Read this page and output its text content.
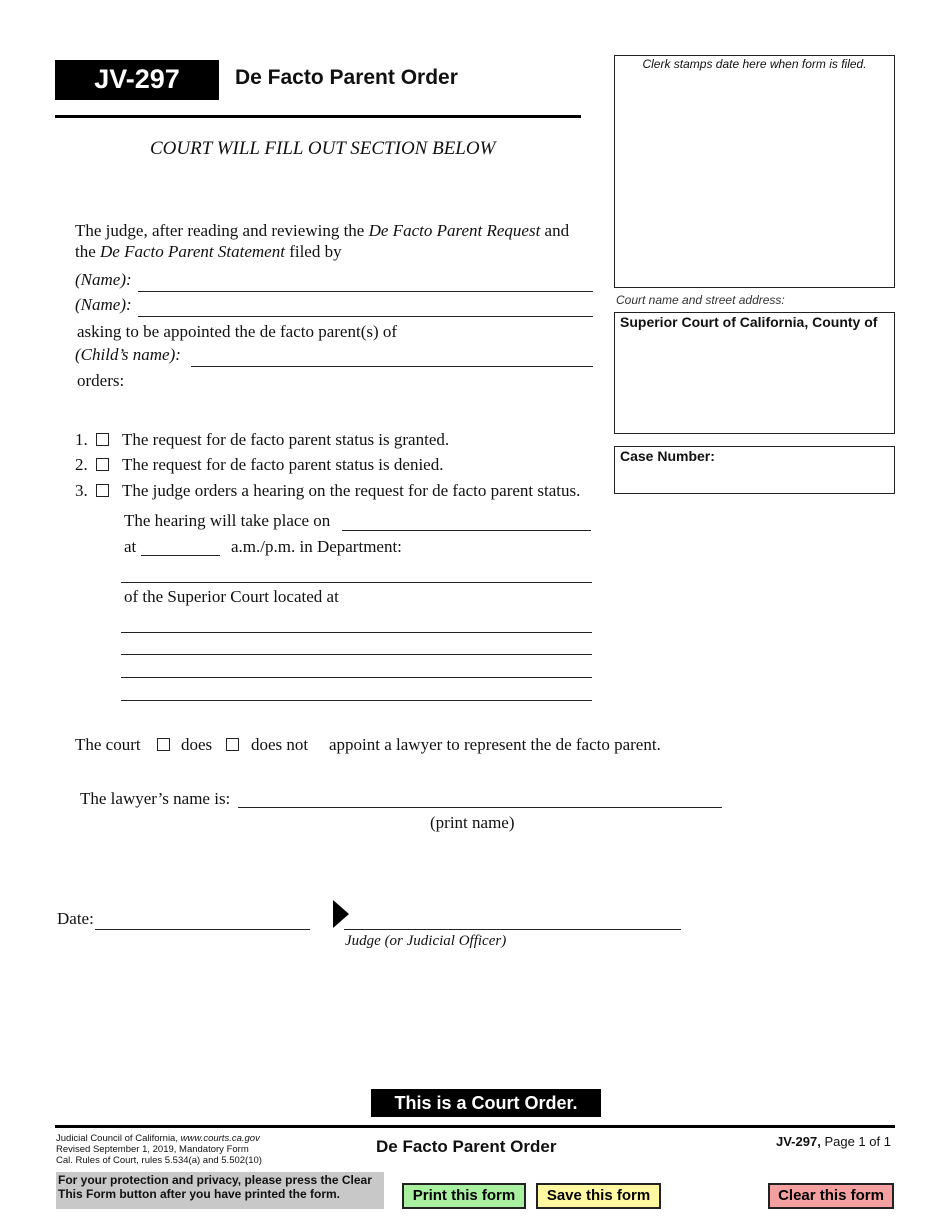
JV-297	De Facto Parent Order
Clerk stamps date here when form is filed.
Court name and street address:
Superior Court of California, County of
Case Number:
COURT WILL FILL OUT SECTION BELOW
The judge, after reading and reviewing the De Facto Parent Request and
the De Facto Parent Statement filed by
(Name):
(Name):
asking to be appointed the de facto parent(s) of
(Child’s name):
orders:
1. The request for de facto parent status is granted.
2. The request for de facto parent status is denied.
3. The judge orders a hearing on the request for de facto parent status.
The hearing will take place on
at	a.m./p.m. in Department:
of the Superior Court located at
The court does does not appoint a lawyer to represent the de facto parent.
The lawyer’s name is:
(print name)
Date:
Judge (or Judicial Officer)
This is a Court Order.
Judicial Council of California, www.courts.ca.gov
Revised September 1, 2019, Mandatory Form
Cal. Rules of Court, rules 5.534(a) and 5.502(10)
De Facto Parent Order	JV-297, Page 1 of 1
For your protection and privacy, please press the Clear
This Form button after you have printed the form.	Print this form	Save this form	Clear this form
